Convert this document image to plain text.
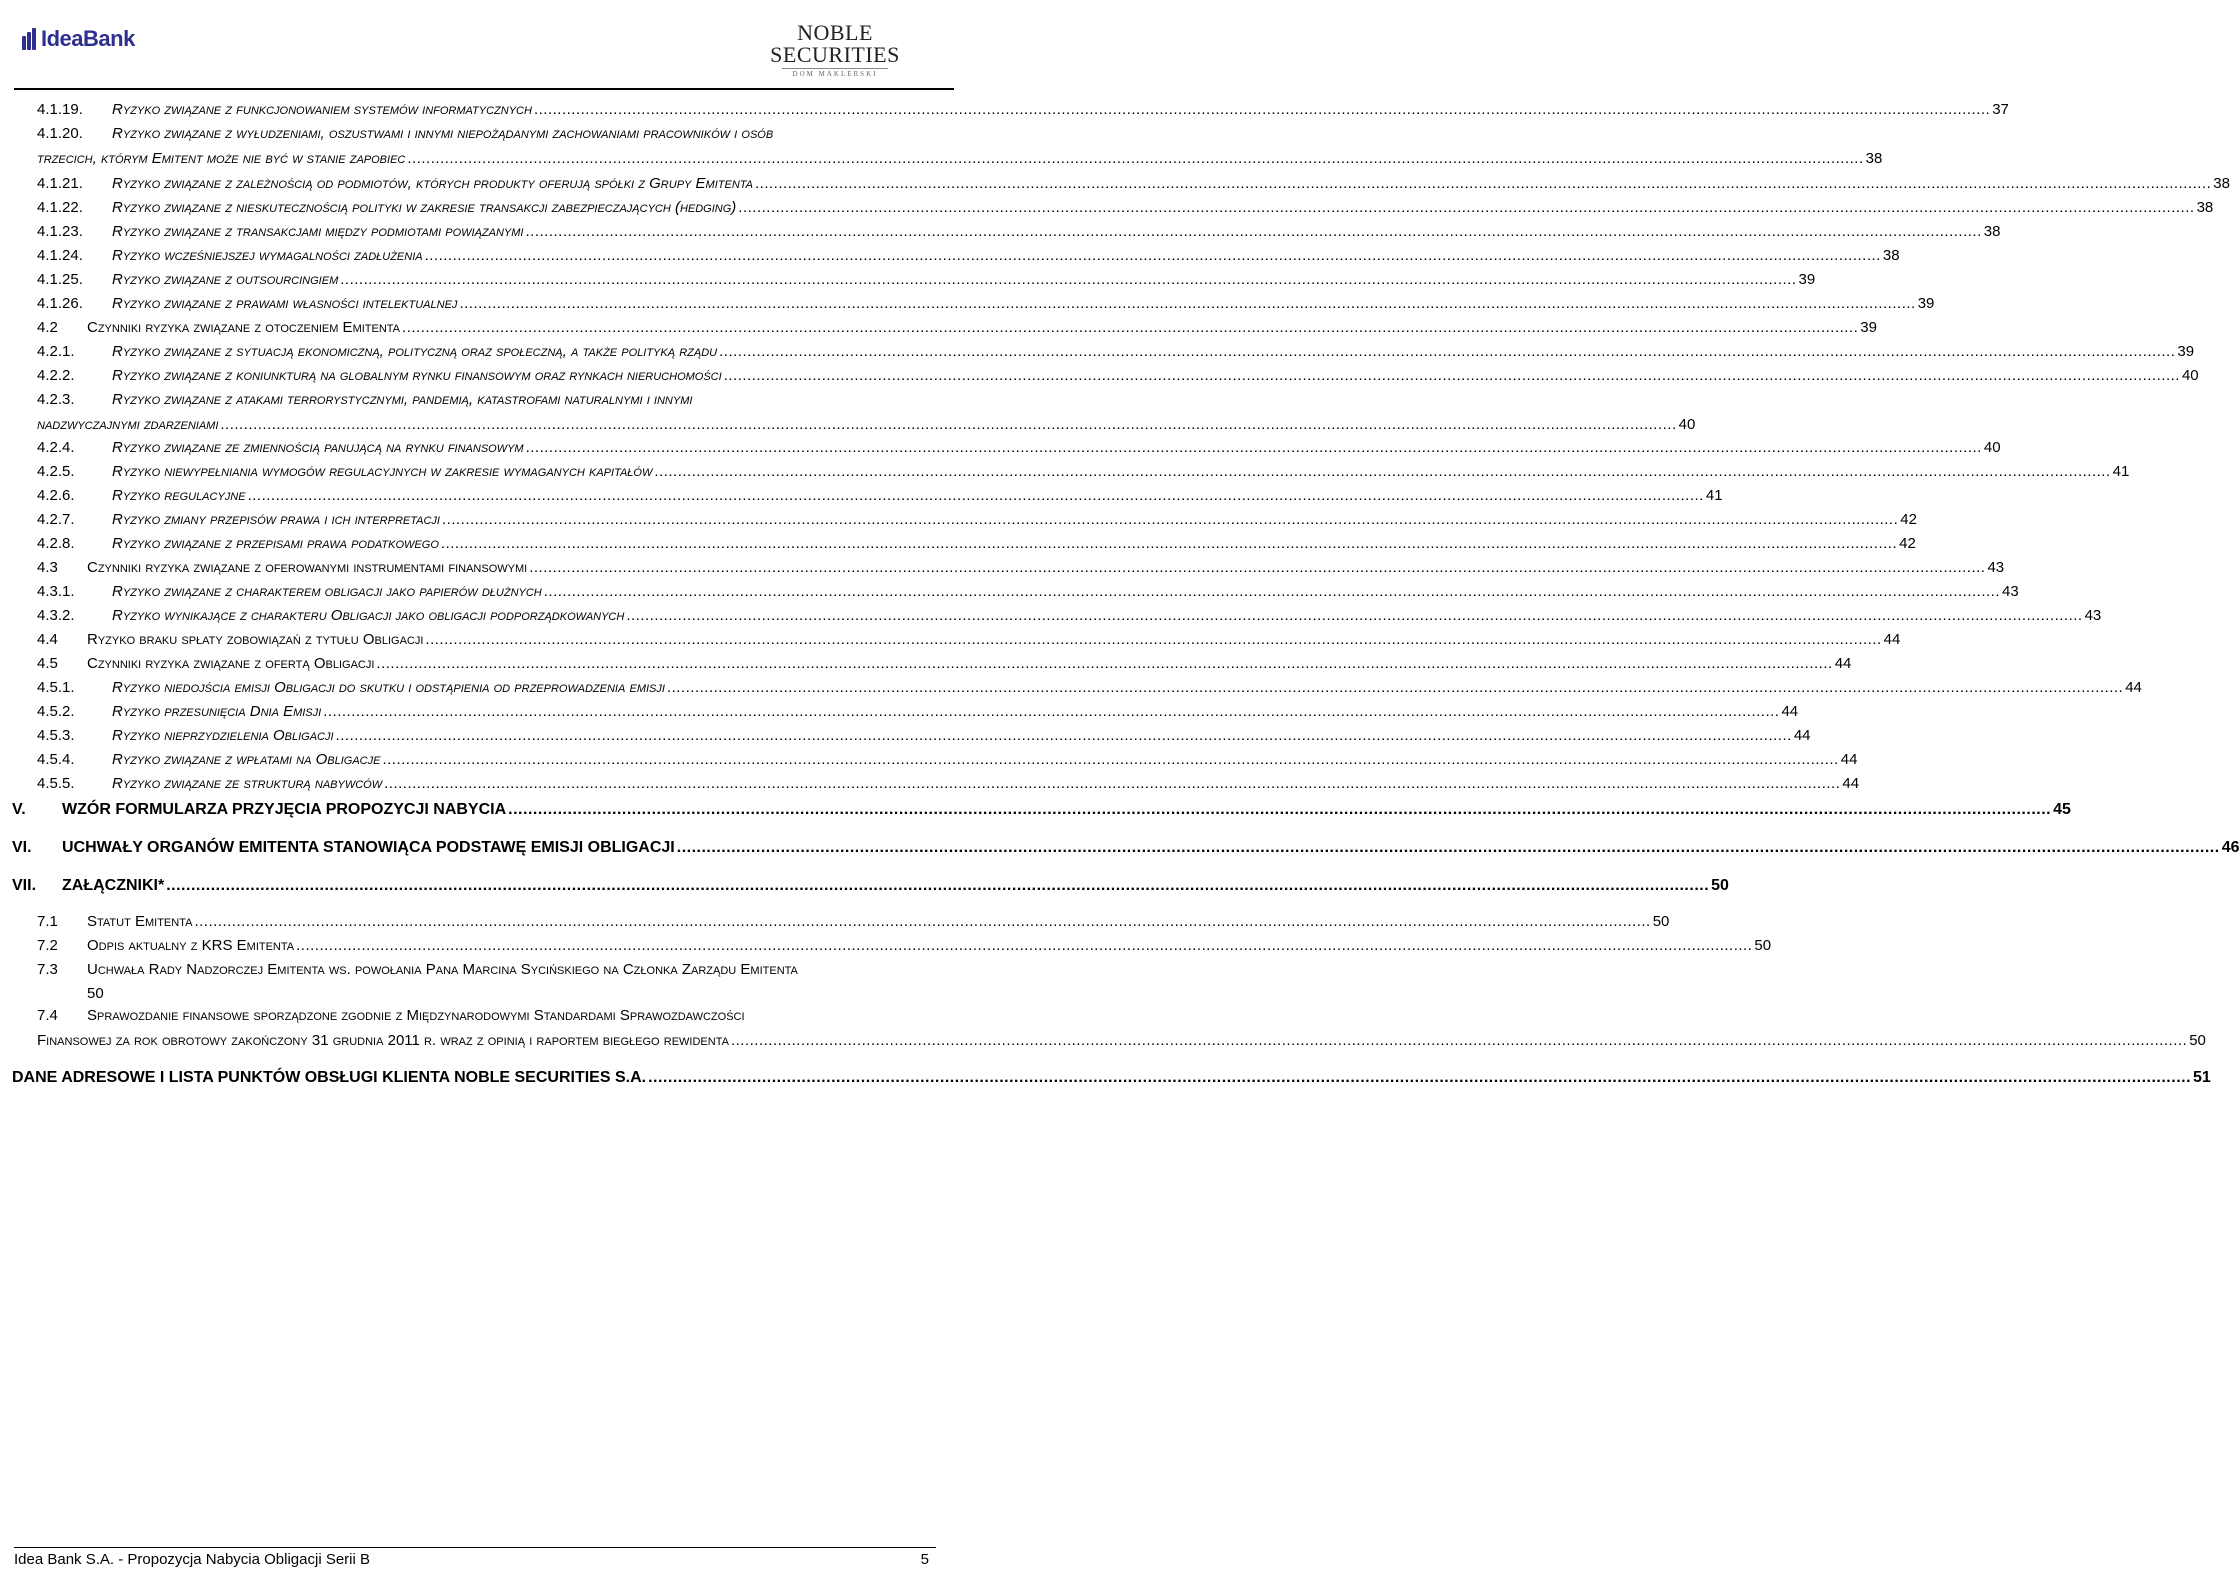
IdeaBank	NOBLE
SECURITIES
DOM MAKLERSKI
4.1.19.	Ryzyko związane z funkcjonowaniem systemów informatycznych .....	37
4.1.20.	Ryzyko związane z wyłudzeniami, oszustwami i innymi niepożądanymi zachowaniami pracowników i osób
trzecich, którym Emitent może nie być w stanie zapobiec .....	38
4.1.21.	Ryzyko związane z zależnością od podmiotów, których produkty oferują spółki z Grupy Emitenta .....	38
4.1.22.	Ryzyko związane z nieskutecznością polityki w zakresie transakcji zabezpieczających (hedging) .....	38
4.1.23.	Ryzyko związane z transakcjami między podmiotami powiązanymi .....	38
4.1.24.	Ryzyko wcześniejszej wymagalności zadłużenia .....	38
4.1.25.	Ryzyko związane z outsourcingiem .....	39
4.1.26.	Ryzyko związane z prawami własności intelektualnej .....	39
4.2	Czynniki ryzyka związane z otoczeniem Emitenta .....	39
4.2.1.	Ryzyko związane z sytuacją ekonomiczną, polityczną oraz społeczną, a także polityką rządu .....	39
4.2.2.	Ryzyko związane z koniunkturą na globalnym rynku finansowym oraz rynkach nieruchomości .....	40
4.2.3.	Ryzyko związane z atakami terrorystycznymi, pandemią, katastrofami naturalnymi i innymi
nadzwyczajnymi zdarzeniami .....	40
4.2.4.	Ryzyko związane ze zmiennością panującą na rynku finansowym .....	40
4.2.5.	Ryzyko niewypełniania wymogów regulacyjnych w zakresie wymaganych kapitałów .....	41
4.2.6.	Ryzyko regulacyjne .....	41
4.2.7.	Ryzyko zmiany przepisów prawa i ich interpretacji .....	42
4.2.8.	Ryzyko związane z przepisami prawa podatkowego .....	42
4.3	Czynniki ryzyka związane z oferowanymi instrumentami finansowymi .....	43
4.3.1.	Ryzyko związane z charakterem obligacji jako papierów dłużnych .....	43
4.3.2.	Ryzyko wynikające z charakteru Obligacji jako obligacji podporządkowanych .....	43
4.4	Ryzyko braku spłaty zobowiązań z tytułu Obligacji .....	44
4.5	Czynniki ryzyka związane z ofertą Obligacji .....	44
4.5.1.	Ryzyko niedojścia emisji Obligacji do skutku i odstąpienia od przeprowadzenia emisji .....	44
4.5.2.	Ryzyko przesunięcia Dnia Emisji .....	44
4.5.3.	Ryzyko nieprzydzielenia Obligacji .....	44
4.5.4.	Ryzyko związane z wpłatami na Obligacje .....	44
4.5.5.	Ryzyko związane ze strukturą nabywców .....	44
V.	WZÓR FORMULARZA PRZYJĘCIA PROPOZYCJI NABYCIA .....	45
VI.	UCHWAŁY ORGANÓW EMITENTA STANOWIĄCA PODSTAWĘ EMISJI OBLIGACJI .....	46
VII.	ZAŁĄCZNIKI* .....	50
7.1	Statut Emitenta .....	50
7.2	Odpis aktualny z KRS Emitenta .....	50
7.3	Uchwała Rady Nadzorczej Emitenta ws. powołania Pana Marcina Sycińskiego na Członka Zarządu Emitenta
50
7.4	Sprawozdanie finansowe sporządzone zgodnie z Międzynarodowymi Standardami Sprawozdawczości
Finansowej za rok obrotowy zakończony 31 grudnia 2011 r. wraz z opinią i raportem biegłego rewidenta .....	50
DANE ADRESOWE I LISTA PUNKTÓW OBSŁUGI KLIENTA NOBLE SECURITIES S.A. .....	51
Idea Bank S.A. - Propozycja Nabycia Obligacji Serii B	5
